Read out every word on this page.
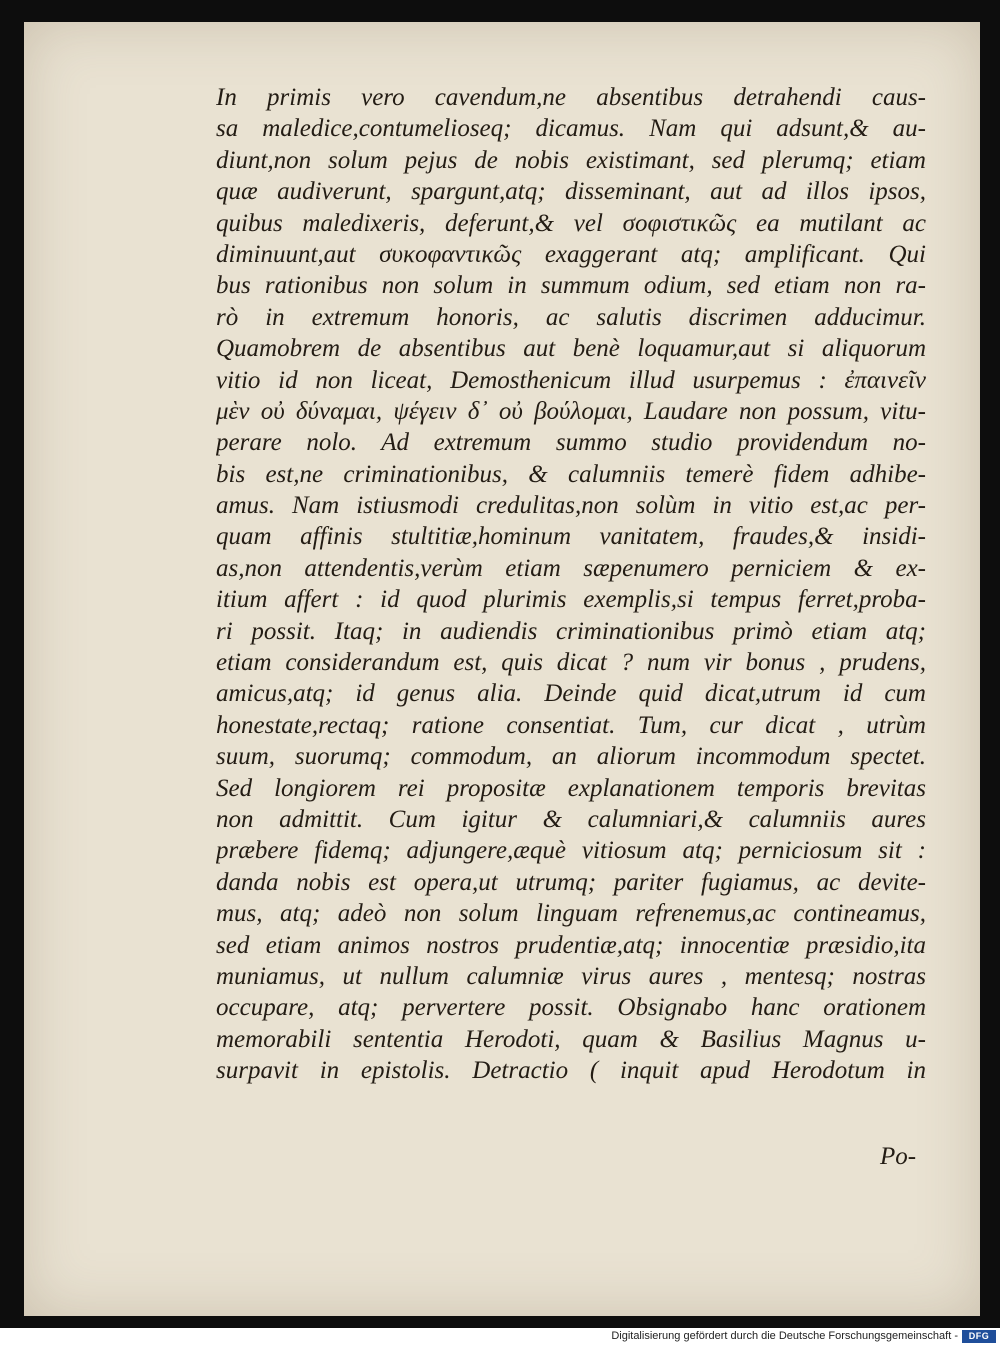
In primis vero cavendum,ne absentibus detrahendi caus-
sa maledice,contumelioseq; dicamus. Nam qui adsunt,& au-
diunt,non solum pejus de nobis existimant, sed plerumq; etiam
quæ audiverunt, spargunt,atq; disseminant, aut ad illos ipsos,
quibus maledixeris, deferunt,& vel σοφιστικῶς ea mutilant ac
diminuunt,aut συκοφαντικῶς exaggerant atq; amplificant. Qui
bus rationibus non solum in summum odium, sed etiam non ra-
rò in extremum honoris, ac salutis discrimen adducimur.
Quamobrem de absentibus aut benè loquamur,aut si aliquorum
vitio id non liceat, Demosthenicum illud usurpemus : ἐπαινεῖν
μὲν οὐ δύναμαι, ψέγειν δ᾽ οὐ βούλομαι, Laudare non possum, vitu-
perare nolo. Ad extremum summo studio providendum no-
bis est,ne criminationibus, & calumniis temerè fidem adhibe-
amus. Nam istiusmodi credulitas,non solùm in vitio est,ac per-
quam affinis stultitiæ,hominum vanitatem, fraudes,& insidi-
as,non attendentis,verùm etiam sæpenumero perniciem & ex-
itium affert : id quod plurimis exemplis,si tempus ferret,proba-
ri possit. Itaq; in audiendis criminationibus primò etiam atq;
etiam considerandum est, quis dicat ? num vir bonus , prudens,
amicus,atq; id genus alia. Deinde quid dicat,utrum id cum
honestate,rectaq; ratione consentiat. Tum, cur dicat , utrùm
suum, suorumq; commodum, an aliorum incommodum spectet.
Sed longiorem rei propositæ explanationem temporis brevitas
non admittit. Cum igitur & calumniari,& calumniis aures
præbere fidemq; adjungere,æquè vitiosum atq; perniciosum sit :
danda nobis est opera,ut utrumq; pariter fugiamus, ac devite-
mus, atq; adeò non solum linguam refrenemus,ac contineamus,
sed etiam animos nostros prudentiæ,atq; innocentiæ præsidio,ita
muniamus, ut nullum calumniæ virus aures , mentesq; nostras
occupare, atq; pervertere possit. Obsignabo hanc orationem
memorabili sententia Herodoti, quam & Basilius Magnus u-
surpavit in epistolis. Detractio ( inquit apud Herodotum in
Po-
Digitalisierung gefördert durch die Deutsche Forschungsgemeinschaft -	DFG
